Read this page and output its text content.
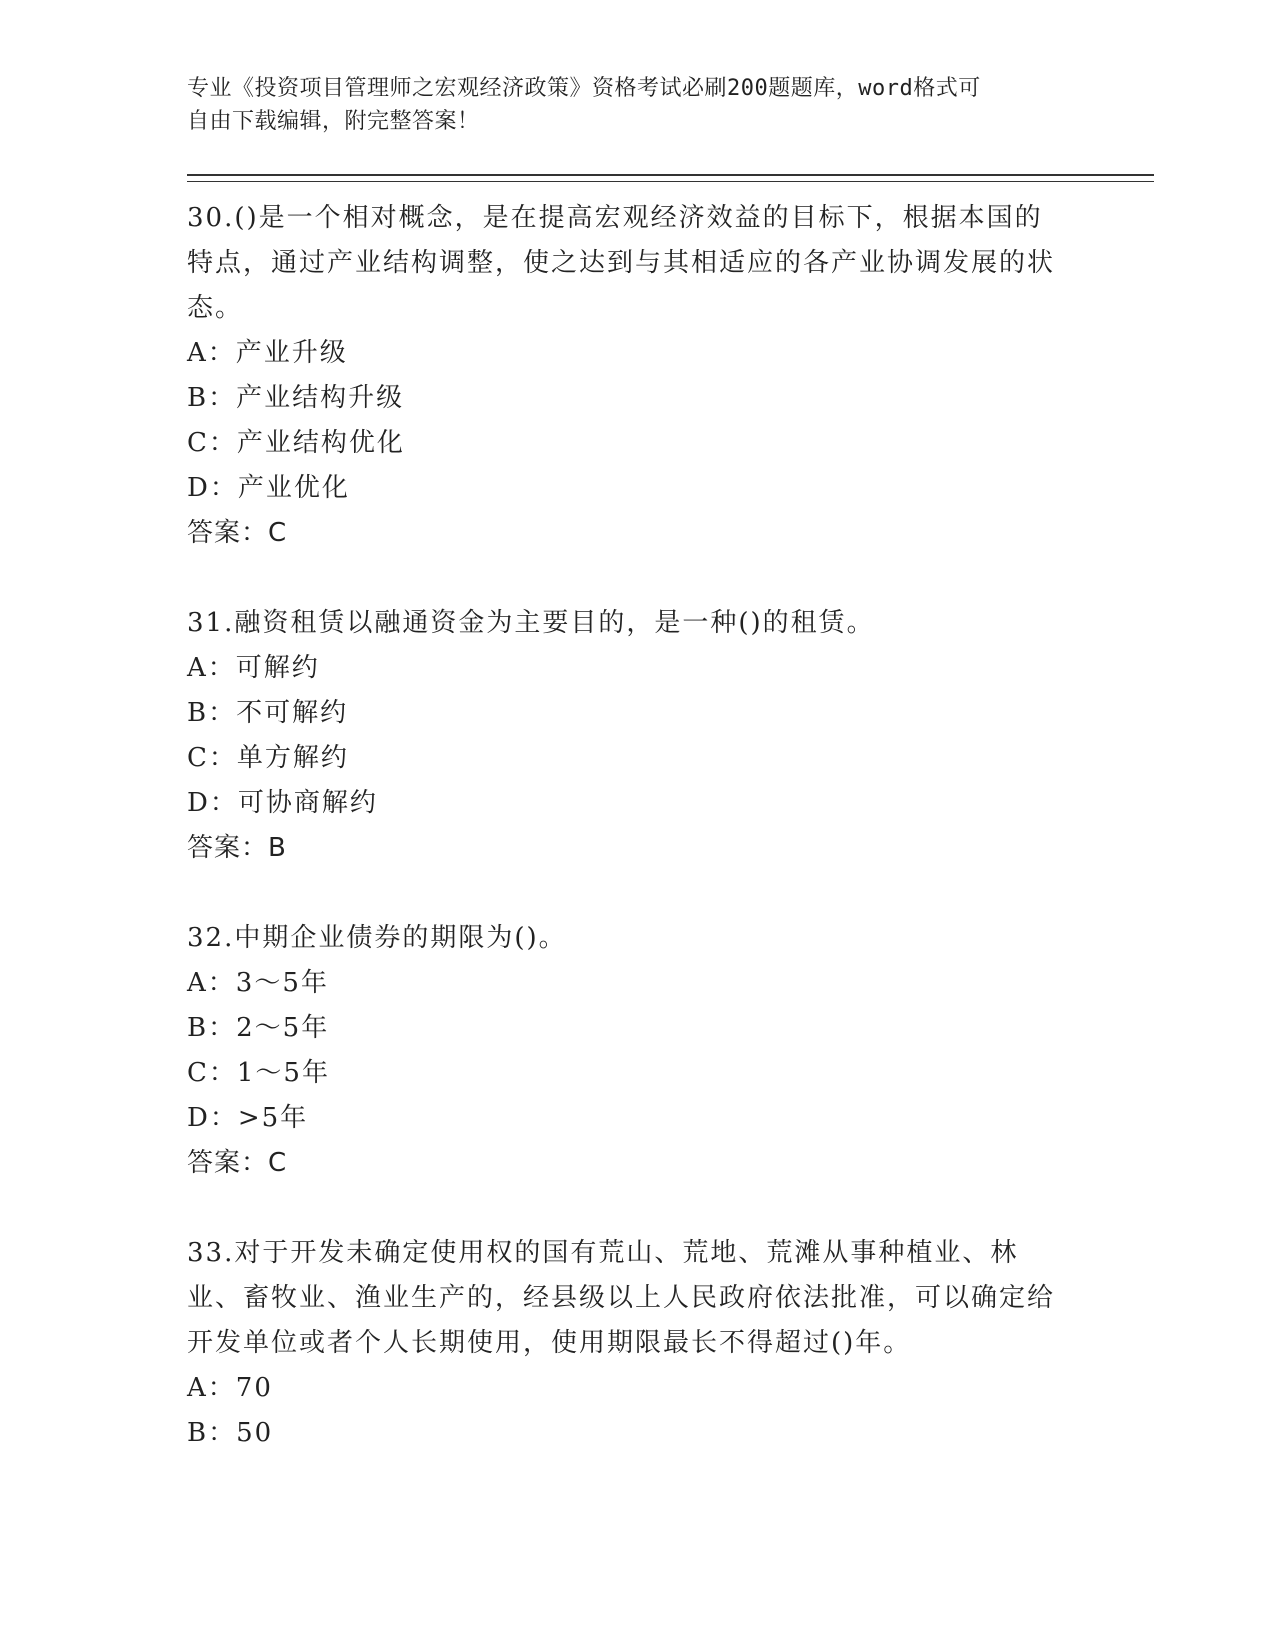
专业《投资项目管理师之宏观经济政策》资格考试必刷200题题库，word格式可
自由下载编辑，附完整答案！
30.()是一个相对概念，是在提高宏观经济效益的目标下，根据本国的特点，通过产业结构调整，使之达到与其相适应的各产业协调发展的状态。
A：产业升级
B：产业结构升级
C：产业结构优化
D：产业优化
答案：C
31.融资租赁以融通资金为主要目的，是一种()的租赁。
A：可解约
B：不可解约
C：单方解约
D：可协商解约
答案：B
32.中期企业债券的期限为()。
A：3～5年
B：2～5年
C：1～5年
D：>5年
答案：C
33.对于开发未确定使用权的国有荒山、荒地、荒滩从事种植业、林业、畜牧业、渔业生产的，经县级以上人民政府依法批准，可以确定给开发单位或者个人长期使用，使用期限最长不得超过()年。
A：70
B：50
